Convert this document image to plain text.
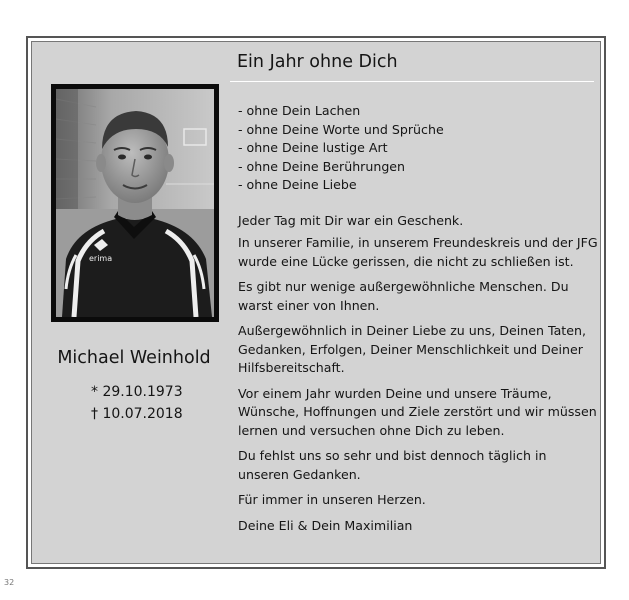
Ein Jahr ohne Dich
erima
Michael Weinhold
* 29.10.1973
† 10.07.2018
- ohne Dein Lachen
- ohne Deine Worte und Sprüche
- ohne Deine lustige Art
- ohne Deine Berührungen
- ohne Deine Liebe

Jeder Tag mit Dir war ein Geschenk.

In unserer Familie, in unserem Freundeskreis und der JFG wurde eine Lücke gerissen, die nicht zu schließen ist.

Es gibt nur wenige außergewöhnliche Menschen. Du warst einer von Ihnen.

Außergewöhnlich in Deiner Liebe zu uns, Deinen Taten, Gedanken, Erfolgen, Deiner Menschlichkeit und Deiner Hilfsbereitschaft.

Vor einem Jahr wurden Deine und unsere Träume, Wünsche, Hoffnungen und Ziele zerstört und wir müssen lernen und versuchen ohne Dich zu leben.

Du fehlst uns so sehr und bist dennoch täglich in unseren Gedanken.

Für immer in unseren Herzen.

Deine Eli & Dein Maximilian

32
